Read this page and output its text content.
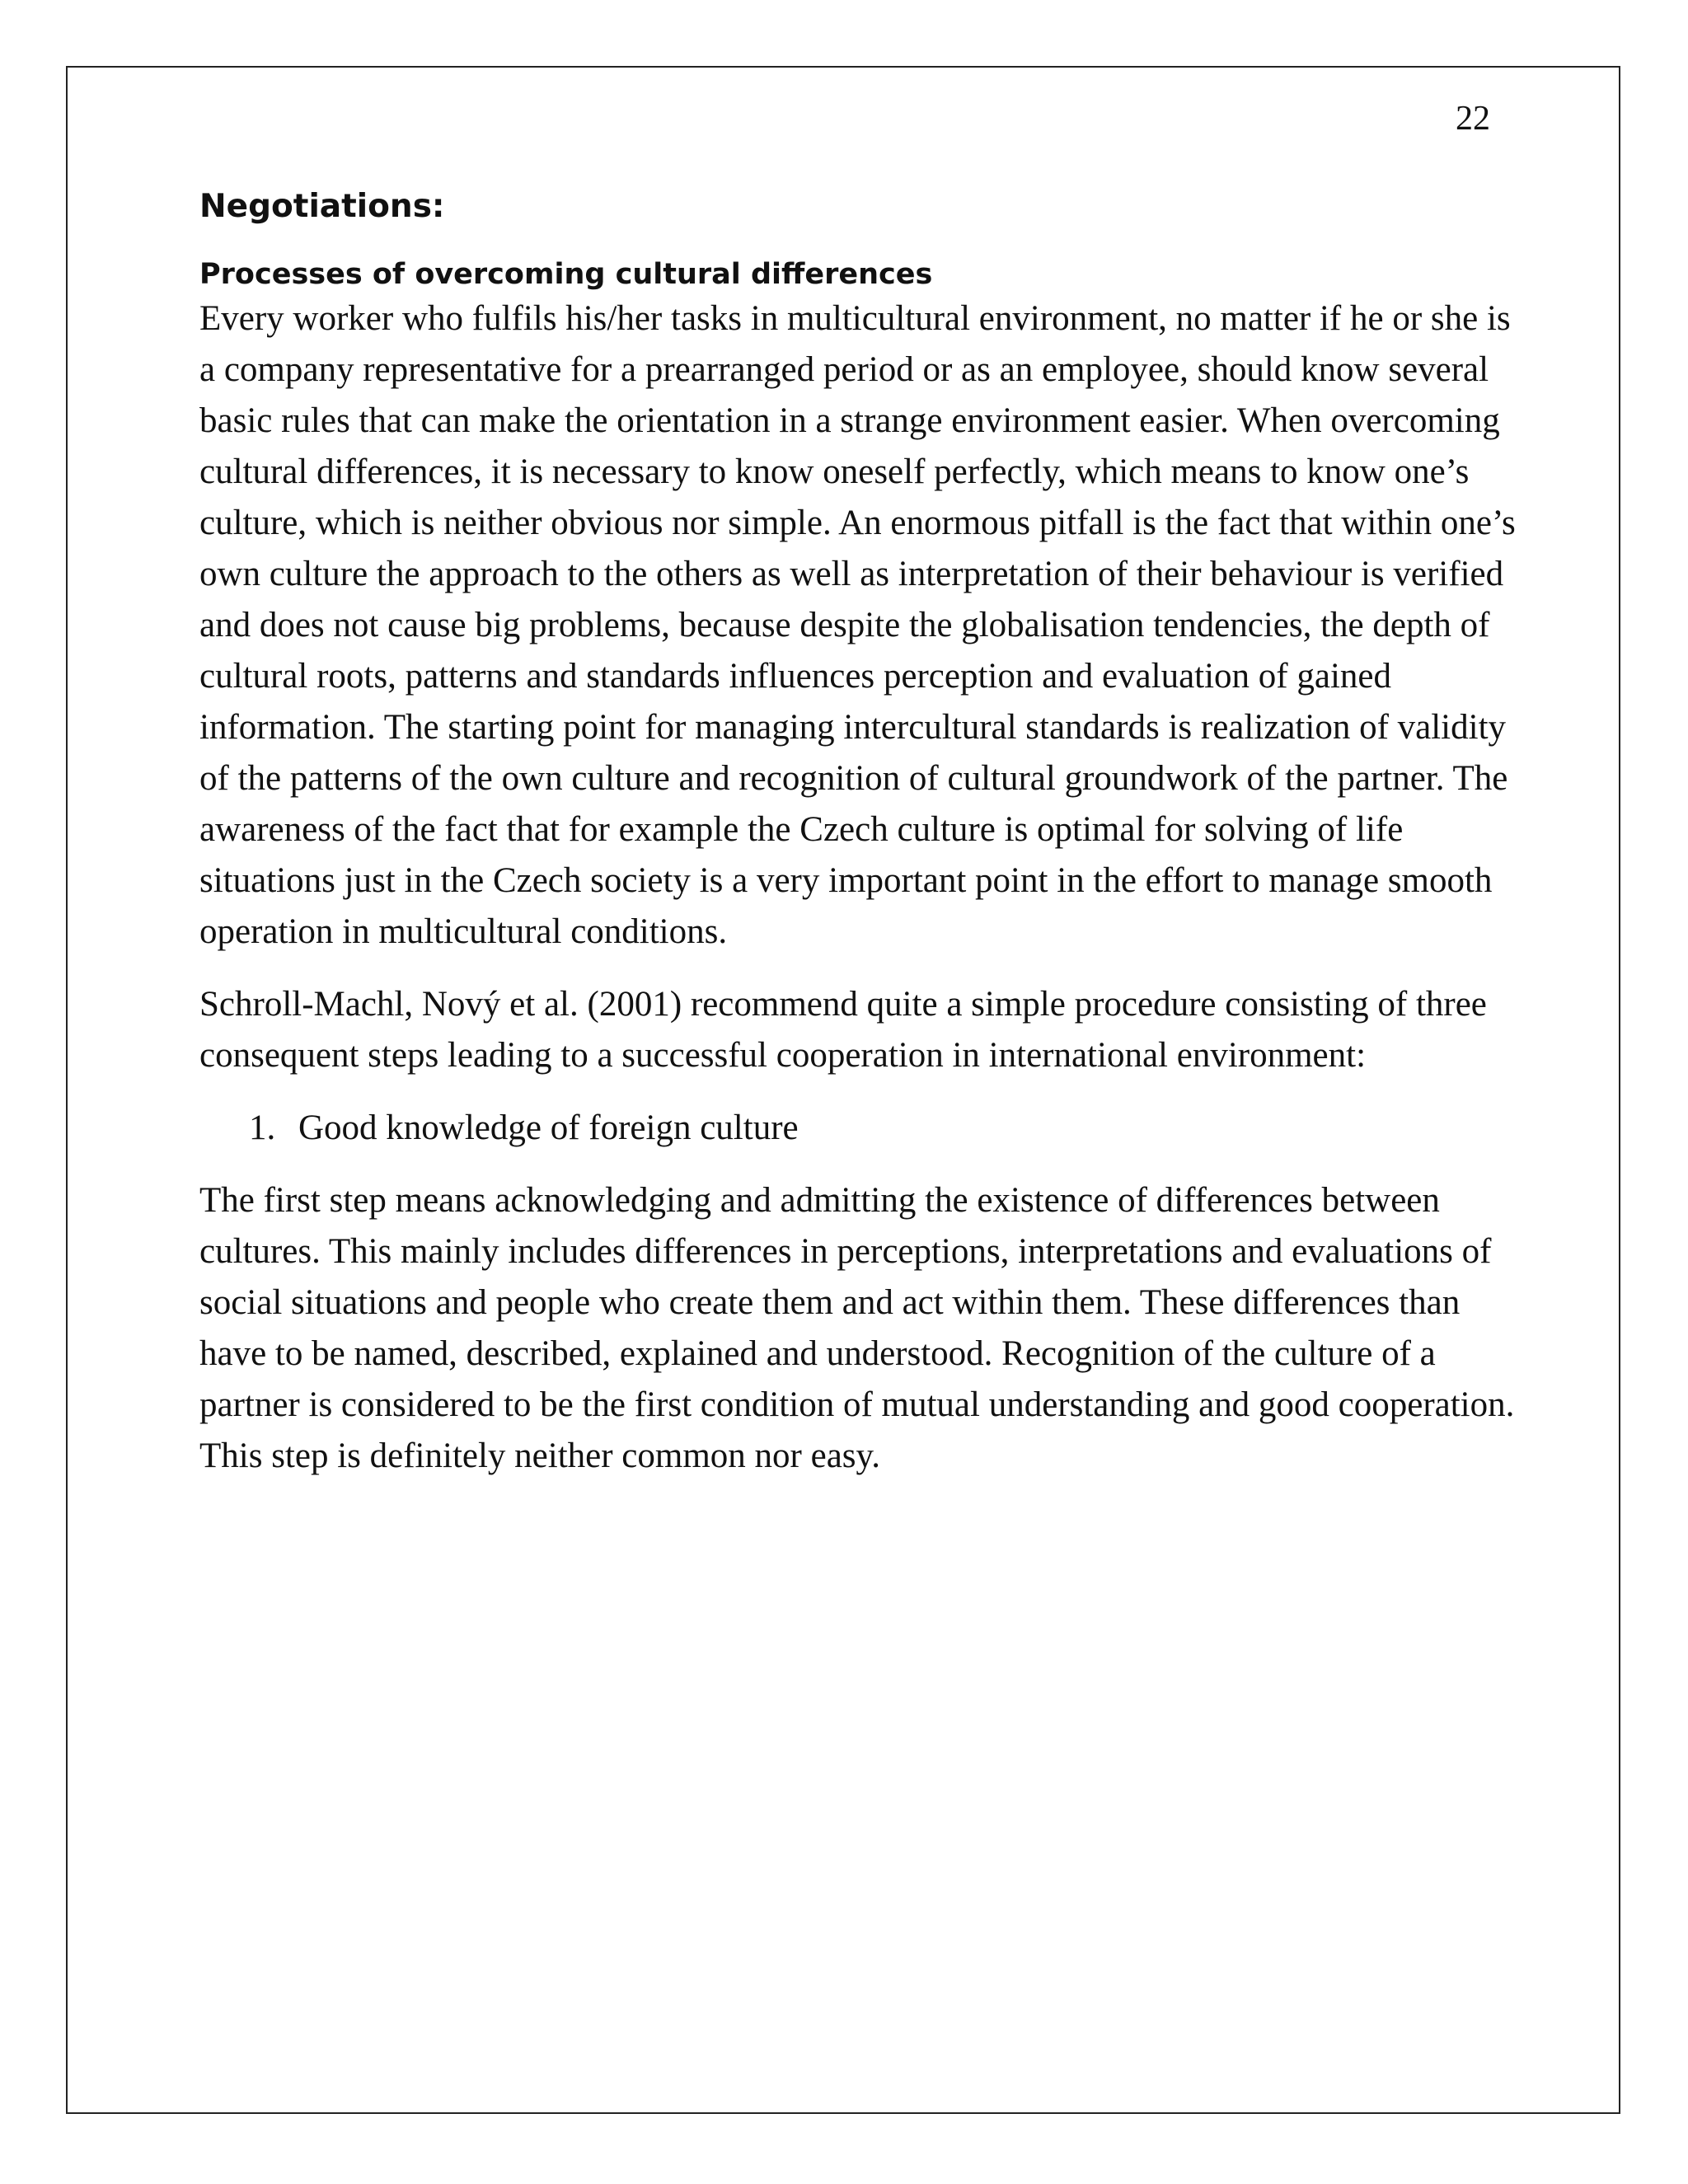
22
Negotiations:
Processes of overcoming cultural differences

Every worker who fulfils his/her tasks in multicultural environment, no matter if he or she is a company representative for a prearranged period or as an employee, should know several basic rules that can make the orientation in a strange environment easier. When overcoming cultural differences, it is necessary to know oneself perfectly, which means to know one’s culture, which is neither obvious nor simple. An enormous pitfall is the fact that within one’s own culture the approach to the others as well as interpretation of their behaviour is verified and does not cause big problems, because despite the globalisation tendencies, the depth of cultural roots, patterns and standards influences perception and evaluation of gained information. The starting point for managing intercultural standards is realization of validity of the patterns of the own culture and recognition of cultural groundwork of the partner. The awareness of the fact that for example the Czech culture is optimal for solving of life situations just in the Czech society is a very important point in the effort to manage smooth operation in multicultural conditions.

Schroll-Machl, Nový et al. (2001) recommend quite a simple procedure consisting of three consequent steps leading to a successful cooperation in international environment:

1. Good knowledge of foreign culture

The first step means acknowledging and admitting the existence of differences between cultures. This mainly includes differences in perceptions, interpretations and evaluations of social situations and people who create them and act within them. These differences than have to be named, described, explained and understood. Recognition of the culture of a partner is considered to be the first condition of mutual understanding and good cooperation. This step is definitely neither common nor easy.
